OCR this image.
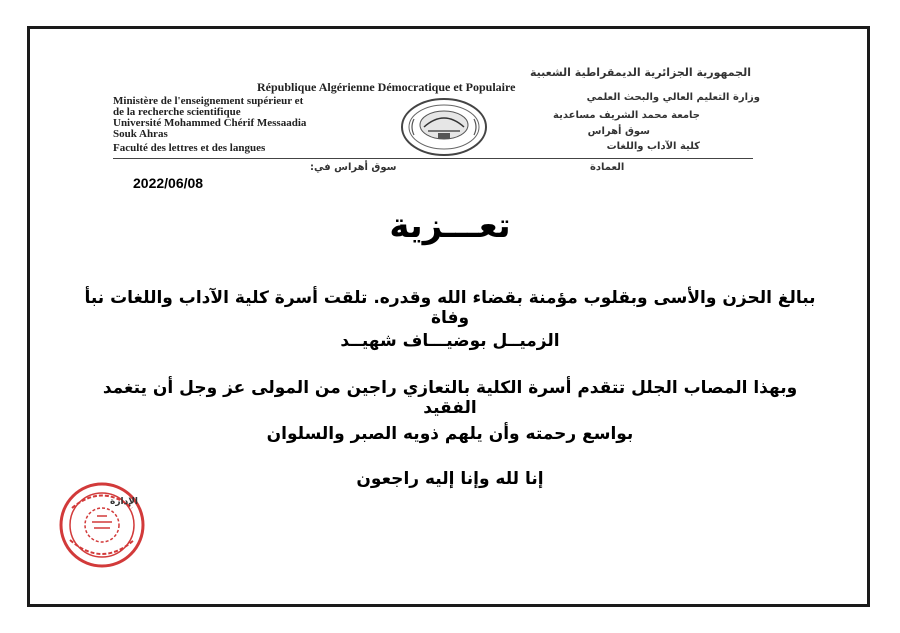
الجمهورية الجزائرية الديمقراطية الشعبية
République Algérienne Démocratique et Populaire
Ministère de l'enseignement supérieur et
de la recherche scientifique
Université Mohammed Chérif Messaadia
Souk Ahras
Faculté des lettres et des langues
وزارة التعليم العالي والبحث العلمي
جامعة محمد الشريف مساعدية
سوق أهراس
كلية الآداب واللغات
سوق أهراس في:	العمادة
2022/06/08
تعـــزية
ببالغ الحزن والأسى وبقلوب مؤمنة بقضاء الله وقدره. تلقت أسرة كلية الآداب واللغات نبأ وفاة
الزميــل بوضيـــاف شهيــد
وبهذا المصاب الجلل تتقدم أسرة الكلية بالتعازي راجين من المولى عز وجل أن يتغمد الفقيد
بواسع رحمته وأن يلهم ذويه الصبر والسلوان
إنا لله وإنا إليه راجعون
الإدارة
